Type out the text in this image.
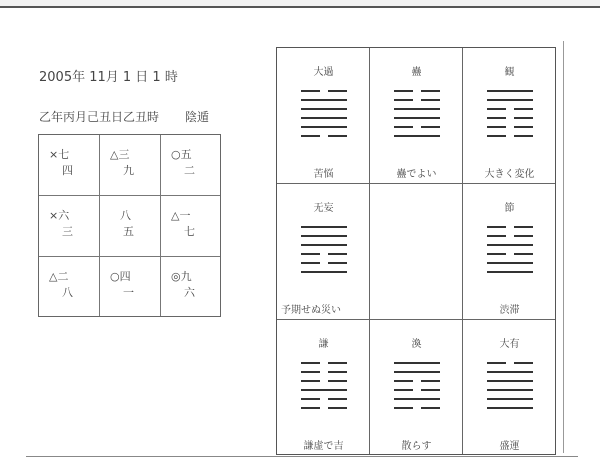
2005年 11月 1 日 1 時
乙年丙月己丑日乙丑時 陰遁
×七
四
△三
九
○五
二
×六
三
八
五
△一
七
△二
八
○四
一
◎九
六
大過
苦悩
蠱
蠱でよい
観
大きく変化
无妄
予期せぬ災い
節
渋滞
謙
謙虚で吉
渙
散らす
大有
盛運
